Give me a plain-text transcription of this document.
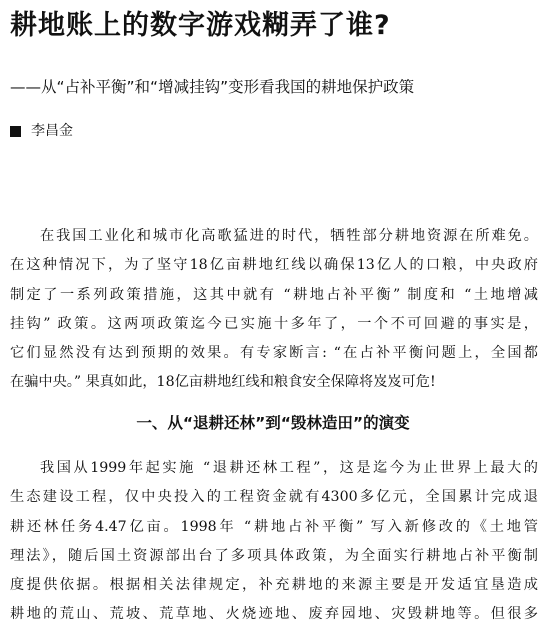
耕地账上的数字游戏糊弄了谁?

——从“占补平衡”和“增减挂钩”变形看我国的耕地保护政策

李昌金
在我国工业化和城市化高歌猛进的时代，牺牲部分耕地资源在所难免。
在这种情况下，为了坚守18亿亩耕地红线以确保13亿人的口粮，中央政府
制定了一系列政策措施，这其中就有 “耕地占补平衡” 制度和 “土地增减
挂钩” 政策。这两项政策迄今已实施十多年了，一个不可回避的事实是，
它们显然没有达到预期的效果。有专家断言: “在占补平衡问题上，全国都
在骗中央。” 果真如此，18亿亩耕地红线和粮食安全保障将岌岌可危!
一、从“退耕还林”到“毁林造田”的演变
我国从1999年起实施 “退耕还林工程”，这是迄今为止世界上最大的
生态建设工程，仅中央投入的工程资金就有4300多亿元，全国累计完成退
耕还林任务4.47亿亩。1998年 “耕地占补平衡” 写入新修改的《土地管
理法》，随后国土资源部出台了多项具体政策，为全面实行耕地占补平衡制
度提供依据。根据相关法律规定，补充耕地的来源主要是开发适宜垦造成
耕地的荒山、荒坡、荒草地、火烧迹地、废弃园地、灾毁耕地等。但很多
